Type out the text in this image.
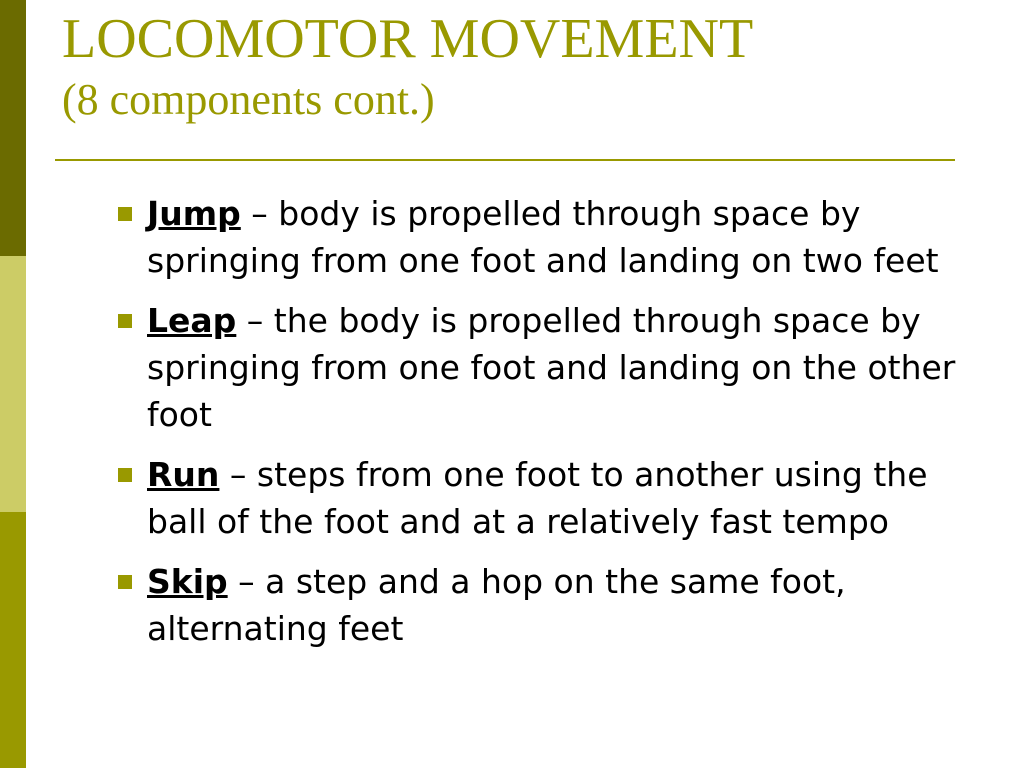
LOCOMOTOR MOVEMENT
(8 components cont.)
Jump – body is propelled through space by springing from one foot and landing on two feet
Leap – the body is propelled through space by springing from one foot and landing on the other foot
Run – steps from one foot to another using the ball of the foot and at a relatively fast tempo
Skip – a step and a hop on the same foot, alternating feet
